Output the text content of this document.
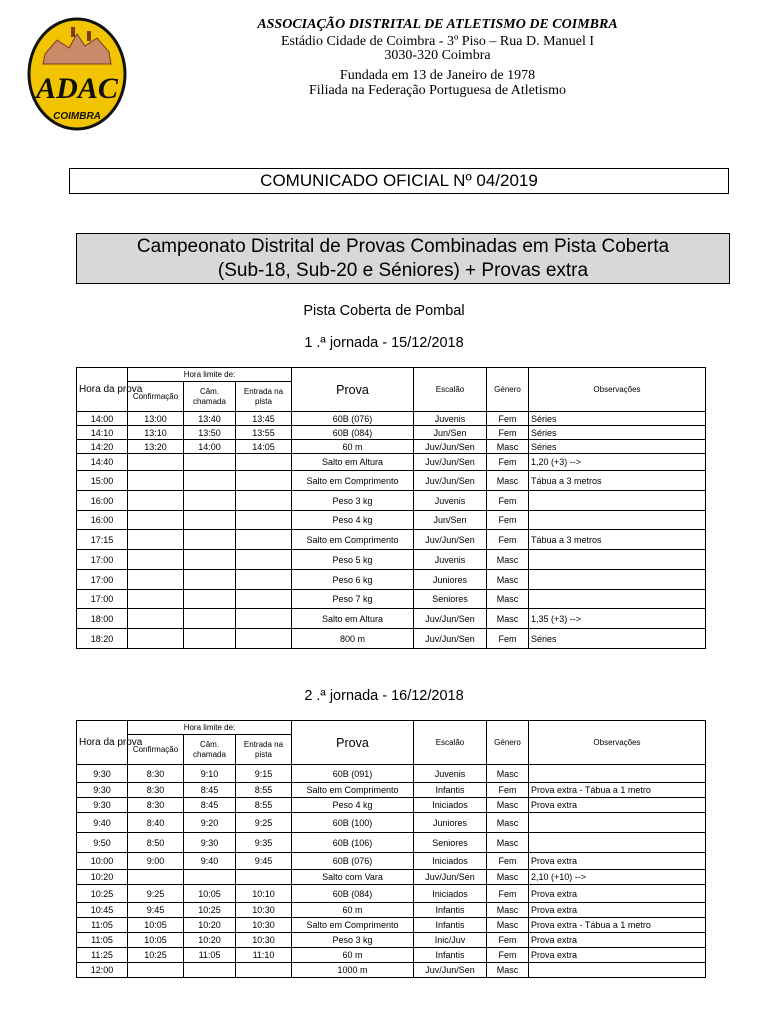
ADAC
COIMBRA
ASSOCIAÇÃO DISTRITAL DE ATLETISMO DE COIMBRA
Estádio Cidade de Coimbra - 3º Piso – Rua D. Manuel I
3030-320 Coimbra
Fundada em 13 de Janeiro de 1978
Filiada na Federação Portuguesa de Atletismo
COMUNICADO OFICIAL Nº 04/2019
Campeonato Distrital de Provas Combinadas em Pista Coberta
(Sub-18, Sub-20 e Séniores) + Provas extra
Pista Coberta de Pombal
1 .ª jornada - 15/12/2018
Hora da prova	Hora limite de:			Prova	Escalão	Género	Observações
	Confirmação	Câm. chamada	Entrada na pista				
14:00	13:00	13:40	13:45	60B (076)	Juvenis	Fem	Séries
14:10	13:10	13:50	13:55	60B (084)	Jun/Sen	Fem	Séries
14:20	13:20	14:00	14:05	60 m	Juv/Jun/Sen	Masc	Séries
14:40				Salto em Altura	Juv/Jun/Sen	Fem	1,20 (+3) -->
15:00				Salto em Comprimento	Juv/Jun/Sen	Masc	Tábua a 3 metros
16:00				Peso 3 kg	Juvenis	Fem	
16:00				Peso 4 kg	Jun/Sen	Fem	
17:15				Salto em Comprimento	Juv/Jun/Sen	Fem	Tábua a 3 metros
17:00				Peso 5 kg	Juvenis	Masc	
17:00				Peso 6 kg	Juniores	Masc	
17:00				Peso 7 kg	Seniores	Masc	
18:00				Salto em Altura	Juv/Jun/Sen	Masc	1,35 (+3) -->
18:20				800 m	Juv/Jun/Sen	Fem	Séries
2 .ª jornada - 16/12/2018
Hora da prova	Hora limite de:			Prova	Escalão	Género	Observações
	Confirmação	Câm. chamada	Entrada na pista				
9:30	8:30	9:10	9:15	60B (091)	Juvenis	Masc	
9:30	8:30	8:45	8:55	Salto em Comprimento	Infantis	Fem	Prova extra - Tábua a 1 metro
9:30	8:30	8:45	8:55	Peso 4 kg	Iniciados	Masc	Prova extra
9:40	8:40	9:20	9:25	60B (100)	Juniores	Masc	
9:50	8:50	9:30	9:35	60B (106)	Seniores	Masc	
10:00	9:00	9:40	9:45	60B (076)	Iniciados	Fem	Prova extra
10:20				Salto com Vara	Juv/Jun/Sen	Masc	2,10 (+10) -->
10:25	9:25	10:05	10:10	60B (084)	Iniciados	Fem	Prova extra
10:45	9:45	10:25	10:30	60 m	Infantis	Masc	Prova extra
11:05	10:05	10:20	10:30	Salto em Comprimento	Infantis	Masc	Prova extra - Tábua a 1 metro
11:05	10:05	10:20	10:30	Peso 3 kg	Inic/Juv	Fem	Prova extra
11:25	10:25	11:05	11:10	60 m	Infantis	Fem	Prova extra
12:00				1000 m	Juv/Jun/Sen	Masc	
